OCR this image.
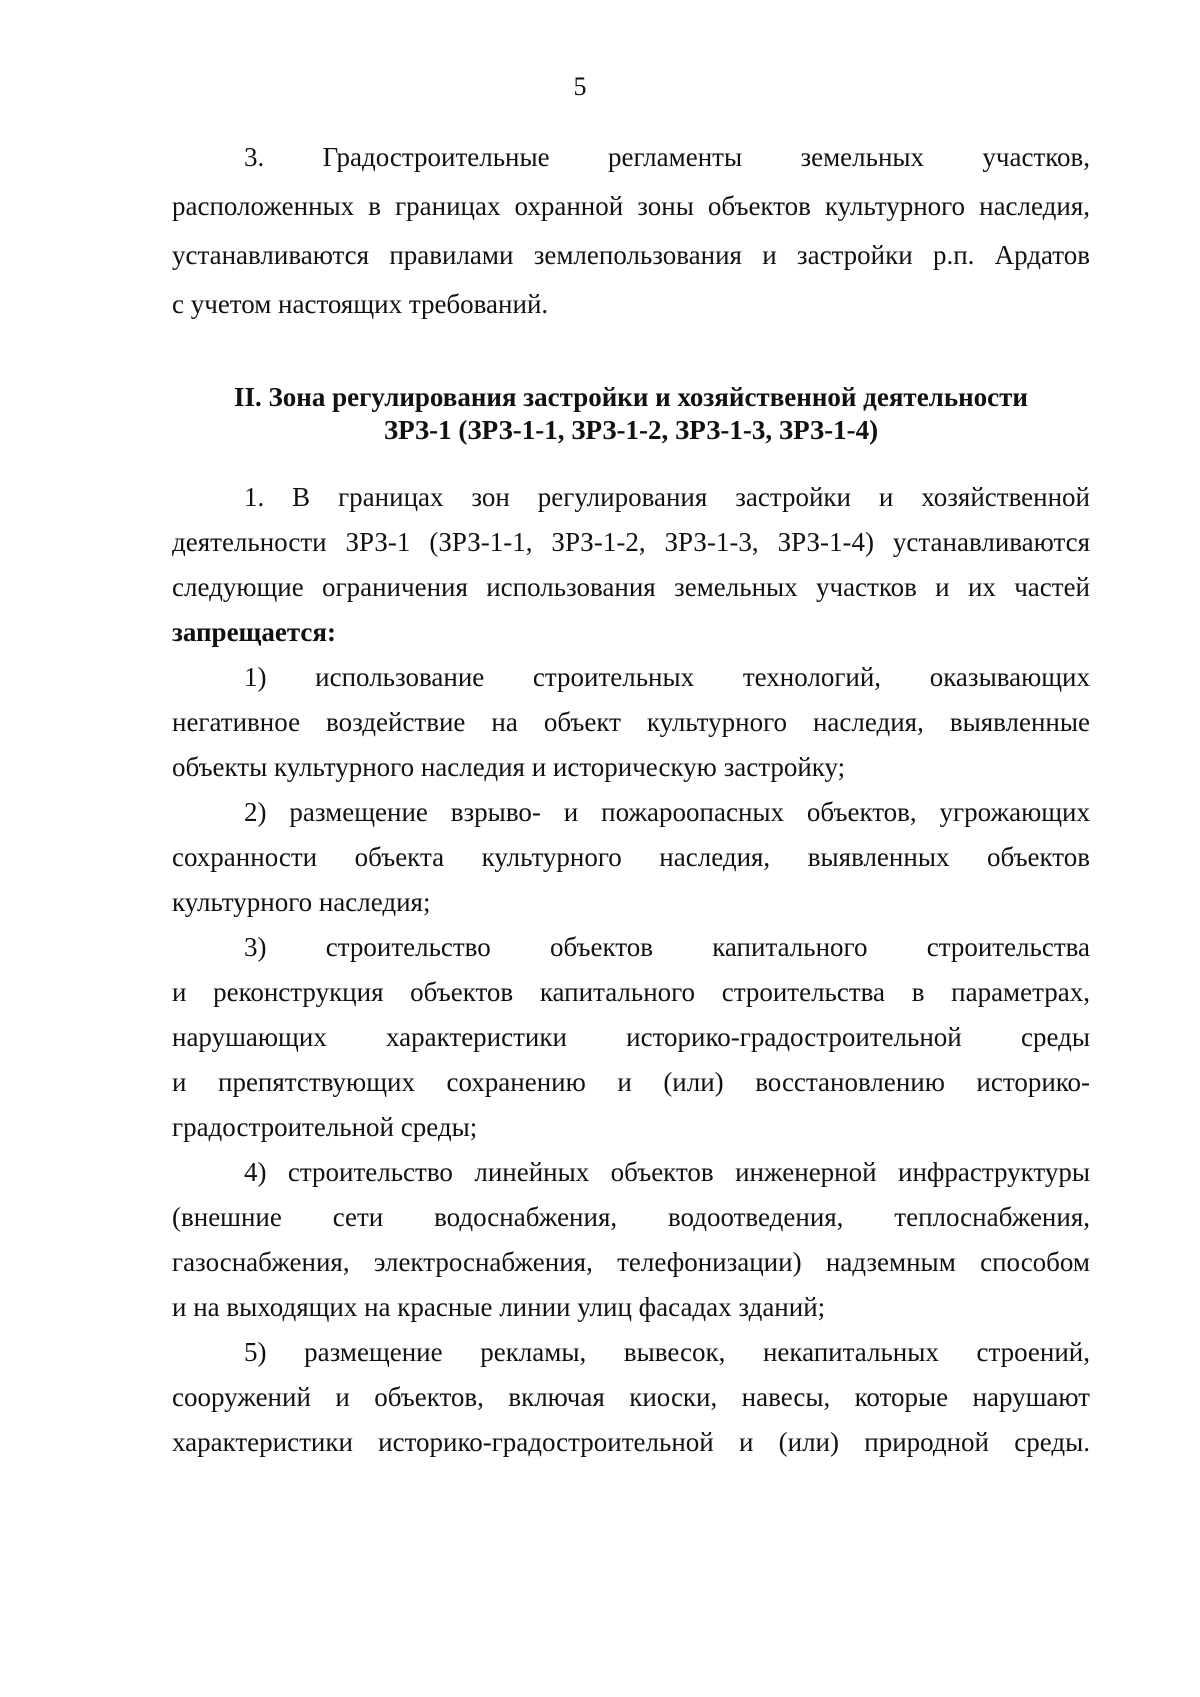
5
3. Градостроительные регламенты земельных участков,
расположенных в границах охранной зоны объектов культурного наследия,
устанавливаются правилами землепользования и застройки р.п. Ардатов
с учетом настоящих требований.

II. Зона регулирования застройки и хозяйственной деятельности
ЗРЗ-1 (ЗРЗ-1-1, ЗРЗ-1-2, ЗРЗ-1-3, ЗРЗ-1-4)

1. В границах зон регулирования застройки и хозяйственной
деятельности ЗРЗ-1 (ЗРЗ-1-1, ЗРЗ-1-2, ЗРЗ-1-3, ЗРЗ-1-4) устанавливаются
следующие ограничения использования земельных участков и их частей
запрещается:
1) использование строительных технологий, оказывающих
негативное воздействие на объект культурного наследия, выявленные
объекты культурного наследия и историческую застройку;
2) размещение взрыво- и пожароопасных объектов, угрожающих
сохранности объекта культурного наследия, выявленных объектов
культурного наследия;
3) строительство объектов капитального строительства
и реконструкция объектов капитального строительства в параметрах,
нарушающих характеристики историко-градостроительной среды
и препятствующих сохранению и (или) восстановлению историко-
градостроительной среды;
4) строительство линейных объектов инженерной инфраструктуры
(внешние сети водоснабжения, водоотведения, теплоснабжения,
газоснабжения, электроснабжения, телефонизации) надземным способом
и на выходящих на красные линии улиц фасадах зданий;
5) размещение рекламы, вывесок, некапитальных строений,
сооружений и объектов, включая киоски, навесы, которые нарушают
характеристики историко-градостроительной и (или) природной среды.
